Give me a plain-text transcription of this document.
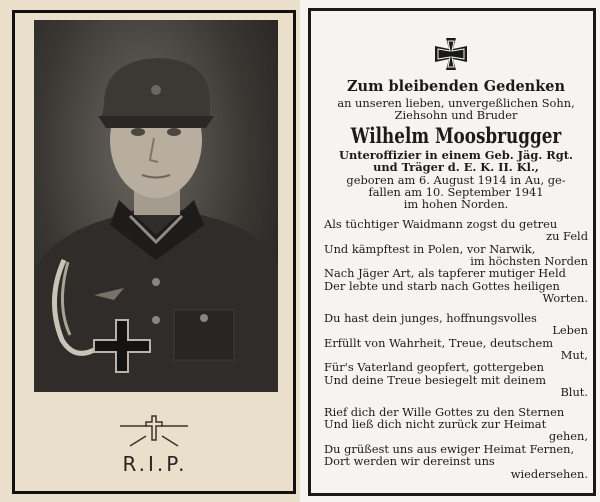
R.I.P.
Zum bleibenden Gedenken
an unseren lieben, unvergeßlichen Sohn,
Ziehsohn und Bruder
Wilhelm Moosbrugger
Unteroffizier in einem Geb. Jäg. Rgt.
und Träger d. E. K. II. Kl.,
geboren am 6. August 1914 in Au, ge-
fallen am 10. September 1941
im hohen Norden.

Als tüchtiger Waidmann zogst du getreu
zu Feld
Und kämpftest in Polen, vor Narwik,
im höchsten Norden
Nach Jäger Art, als tapferer mutiger Held
Der lebte und starb nach Gottes heiligen
Worten.

Du hast dein junges, hoffnungsvolles
Leben
Erfüllt von Wahrheit, Treue, deutschem
Mut,
Für's Vaterland geopfert, gottergeben
Und deine Treue besiegelt mit deinem
Blut.

Rief dich der Wille Gottes zu den Sternen
Und ließ dich nicht zurück zur Heimat
gehen,
Du grüßest uns aus ewiger Heimat Fernen,
Dort werden wir dereinst uns
wiedersehen.
